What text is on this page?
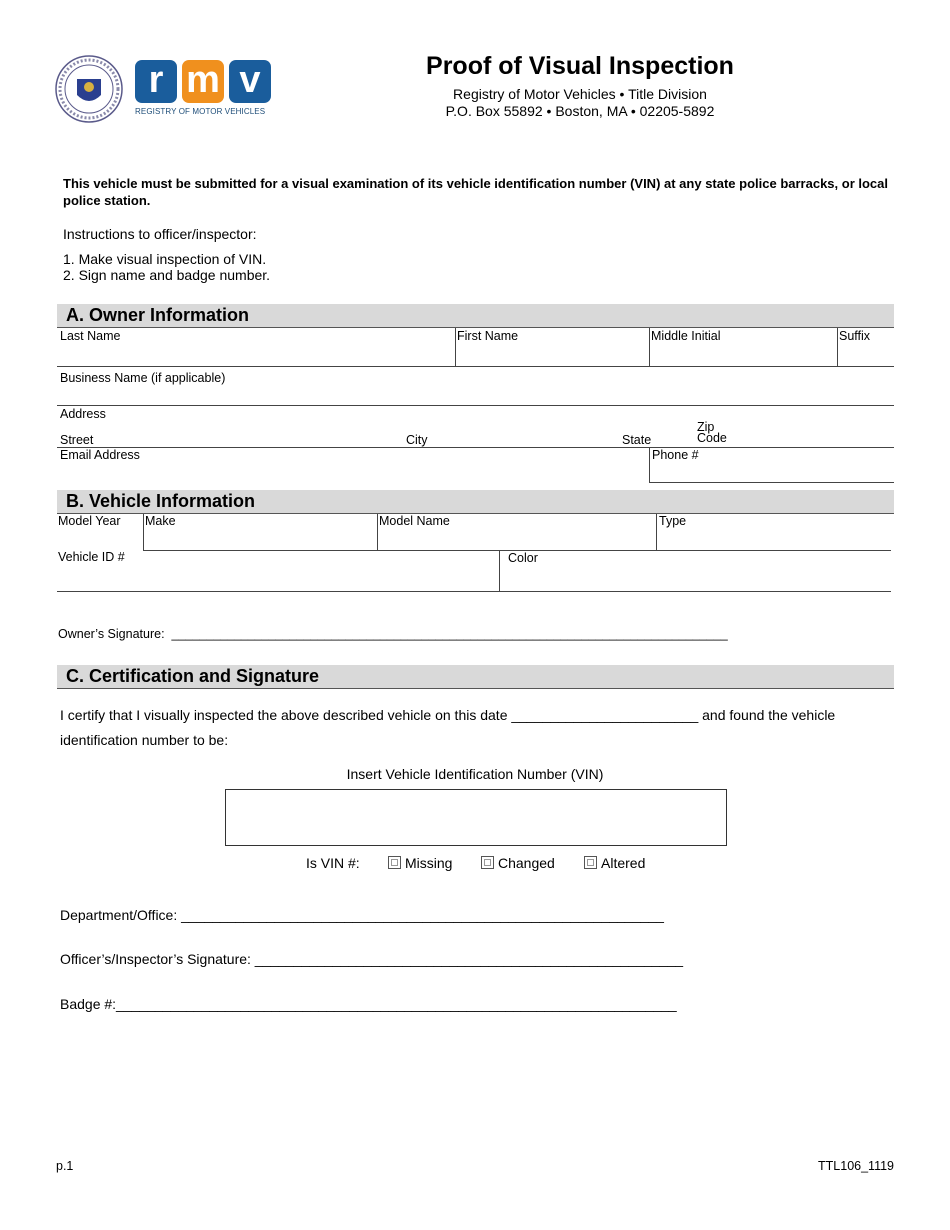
r m v
REGISTRY OF MOTOR VEHICLES
Proof of Visual Inspection
Registry of Motor Vehicles • Title Division
P.O. Box 55892 • Boston, MA • 02205-5892
This vehicle must be submitted for a visual examination of its vehicle identification number (VIN) at any state police barracks, or local police station.
Instructions to officer/inspector:
1. Make visual inspection of VIN.
2. Sign name and badge number.
A. Owner Information
Last Name	First Name	Middle Initial	Suffix
Business Name (if applicable)
Address
Street	City	State
Zip
Code
Email Address	Phone #
B. Vehicle Information
Model Year Make	Model Name	Type
Vehicle ID #	Color
Owner’s Signature: ________________________________________________________________________________
C. Certification and Signature
I certify that I visually inspected the above described vehicle on this date ________________________ and found the vehicle
identification number to be:
Insert Vehicle Identification Number (VIN)
Is VIN #:	Missing	Changed	Altered
Department/Office: ______________________________________________________________
Officer’s/Inspector’s Signature: _______________________________________________________
Badge #:________________________________________________________________________
p.1	TTL106_1119
